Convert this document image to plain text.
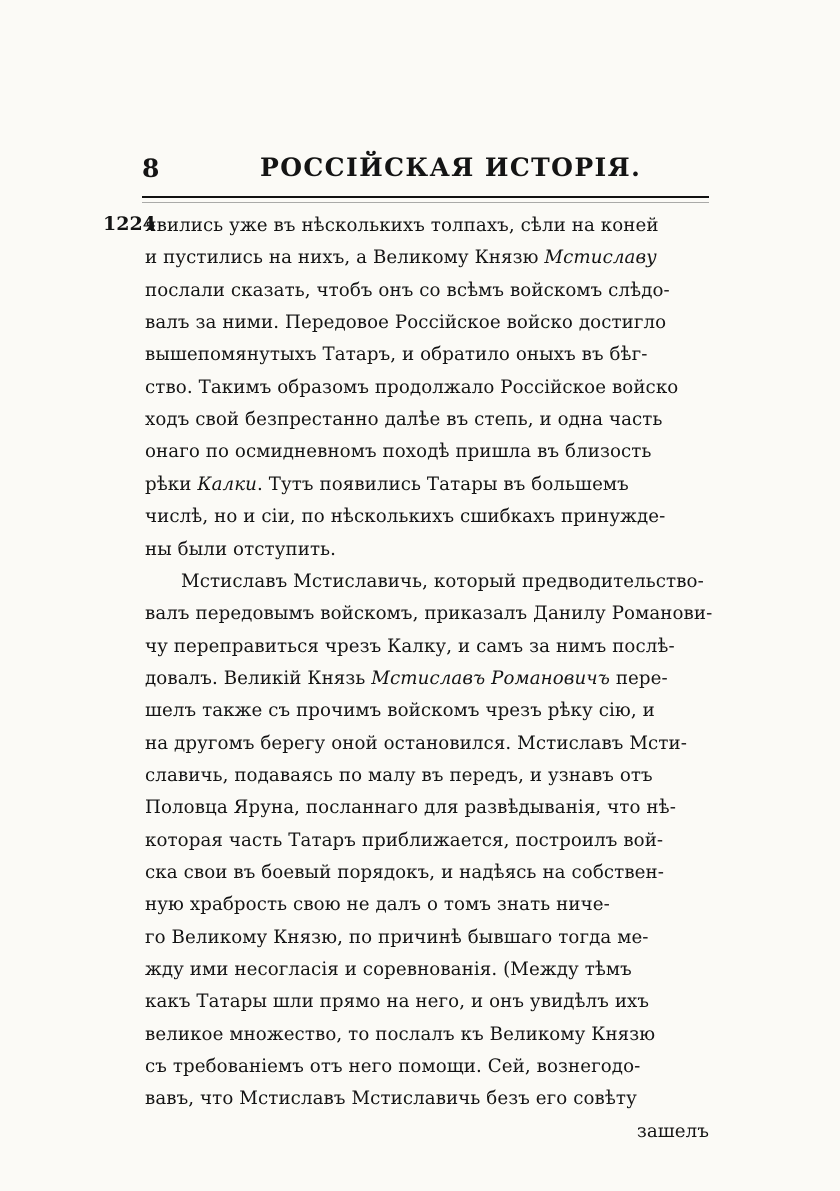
8	РОССІЙСКАЯ ИСТОРІЯ.
1224
явились уже въ нѣсколькихъ толпахъ, сѣли на коней
и пустились на нихъ, а Великому Князю Мстиславу
послали сказать, чтобъ онъ со всѣмъ войскомъ слѣдо-
валъ за ними. Передовое Россійское войско достигло
вышепомянутыхъ Татаръ, и обратило оныхъ въ бѣг-
ство. Такимъ образомъ продолжало Россійское войско
ходъ свой безпрестанно далѣе въ степь, и одна часть
онаго по осмидневномъ походѣ пришла въ близость
рѣки Калки. Тутъ появились Татары въ большемъ
числѣ, но и сіи, по нѣсколькихъ сшибкахъ принужде-
ны были отступить.
Мстиславъ Мстиславичь, который предводительство-
валъ передовымъ войскомъ, приказалъ Данилу Романови-
чу переправиться чрезъ Калку, и самъ за нимъ послѣ-
довалъ. Великій Князь Мстиславъ Романовичъ пере-
шелъ также съ прочимъ войскомъ чрезъ рѣку сію, и
на другомъ берегу оной остановился. Мстиславъ Мсти-
славичь, подаваясь по малу въ передъ, и узнавъ отъ
Половца Яруна, посланнаго для развѣдыванія, что нѣ-
которая часть Татаръ приближается, построилъ вой-
ска свои въ боевый порядокъ, и надѣясь на собствен-
ную храбрость свою не далъ о томъ знать ниче-
го Великому Князю, по причинѣ бывшаго тогда ме-
жду ими несогласія и соревнованія. (Между тѣмъ
какъ Татары шли прямо на него, и онъ увидѣлъ ихъ
великое множество, то послалъ къ Великому Князю
съ требованіемъ отъ него помощи. Сей, вознегодо-
вавъ, что Мстиславъ Мстиславичь безъ его совѣту
зашелъ
